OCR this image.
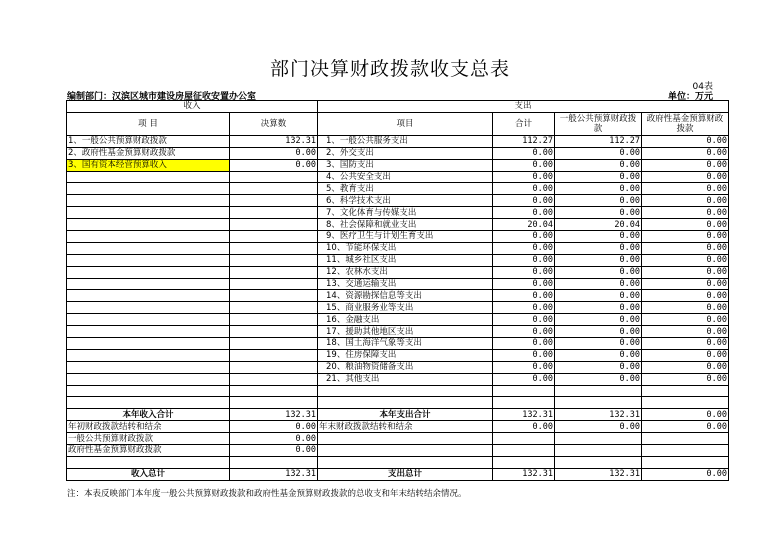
部门决算财政拨款收支总表
04表
编制部门：汉滨区城市建设房屋征收安置办公室	单位：万元
收入		支出			
项 目	决算数	项目	合计	一般公共预算财政拨款	政府性基金预算财政拨款
1、一般公共预算财政拨款	132.31	1、一般公共服务支出	112.27	112.27	0.00
2、政府性基金预算财政拨款	0.00	2、外交支出	0.00	0.00	0.00
3、国有资本经营预算收入	0.00	3、国防支出	0.00	0.00	0.00
		4、公共安全支出	0.00	0.00	0.00
		5、教育支出	0.00	0.00	0.00
		6、科学技术支出	0.00	0.00	0.00
		7、文化体育与传媒支出	0.00	0.00	0.00
		8、社会保障和就业支出	20.04	20.04	0.00
		9、医疗卫生与计划生育支出	0.00	0.00	0.00
		10、节能环保支出	0.00	0.00	0.00
		11、城乡社区支出	0.00	0.00	0.00
		12、农林水支出	0.00	0.00	0.00
		13、交通运输支出	0.00	0.00	0.00
		14、资源勘探信息等支出	0.00	0.00	0.00
		15、商业服务业等支出	0.00	0.00	0.00
		16、金融支出	0.00	0.00	0.00
		17、援助其他地区支出	0.00	0.00	0.00
		18、国土海洋气象等支出	0.00	0.00	0.00
		19、住房保障支出	0.00	0.00	0.00
		20、粮油物资储备支出	0.00	0.00	0.00
		21、其他支出	0.00	0.00	0.00

本年收入合计	132.31	本年支出合计	132.31	132.31	0.00
年初财政拨款结转和结余	0.00	年末财政拨款结转和结余	0.00	0.00	0.00
一般公共预算财政拨款	0.00				
政府性基金预算财政拨款	0.00				

收入总计	132.31	支出总计	132.31	132.31	0.00
注：本表反映部门本年度一般公共预算财政拨款和政府性基金预算财政拨款的总收支和年末结转结余情况。
